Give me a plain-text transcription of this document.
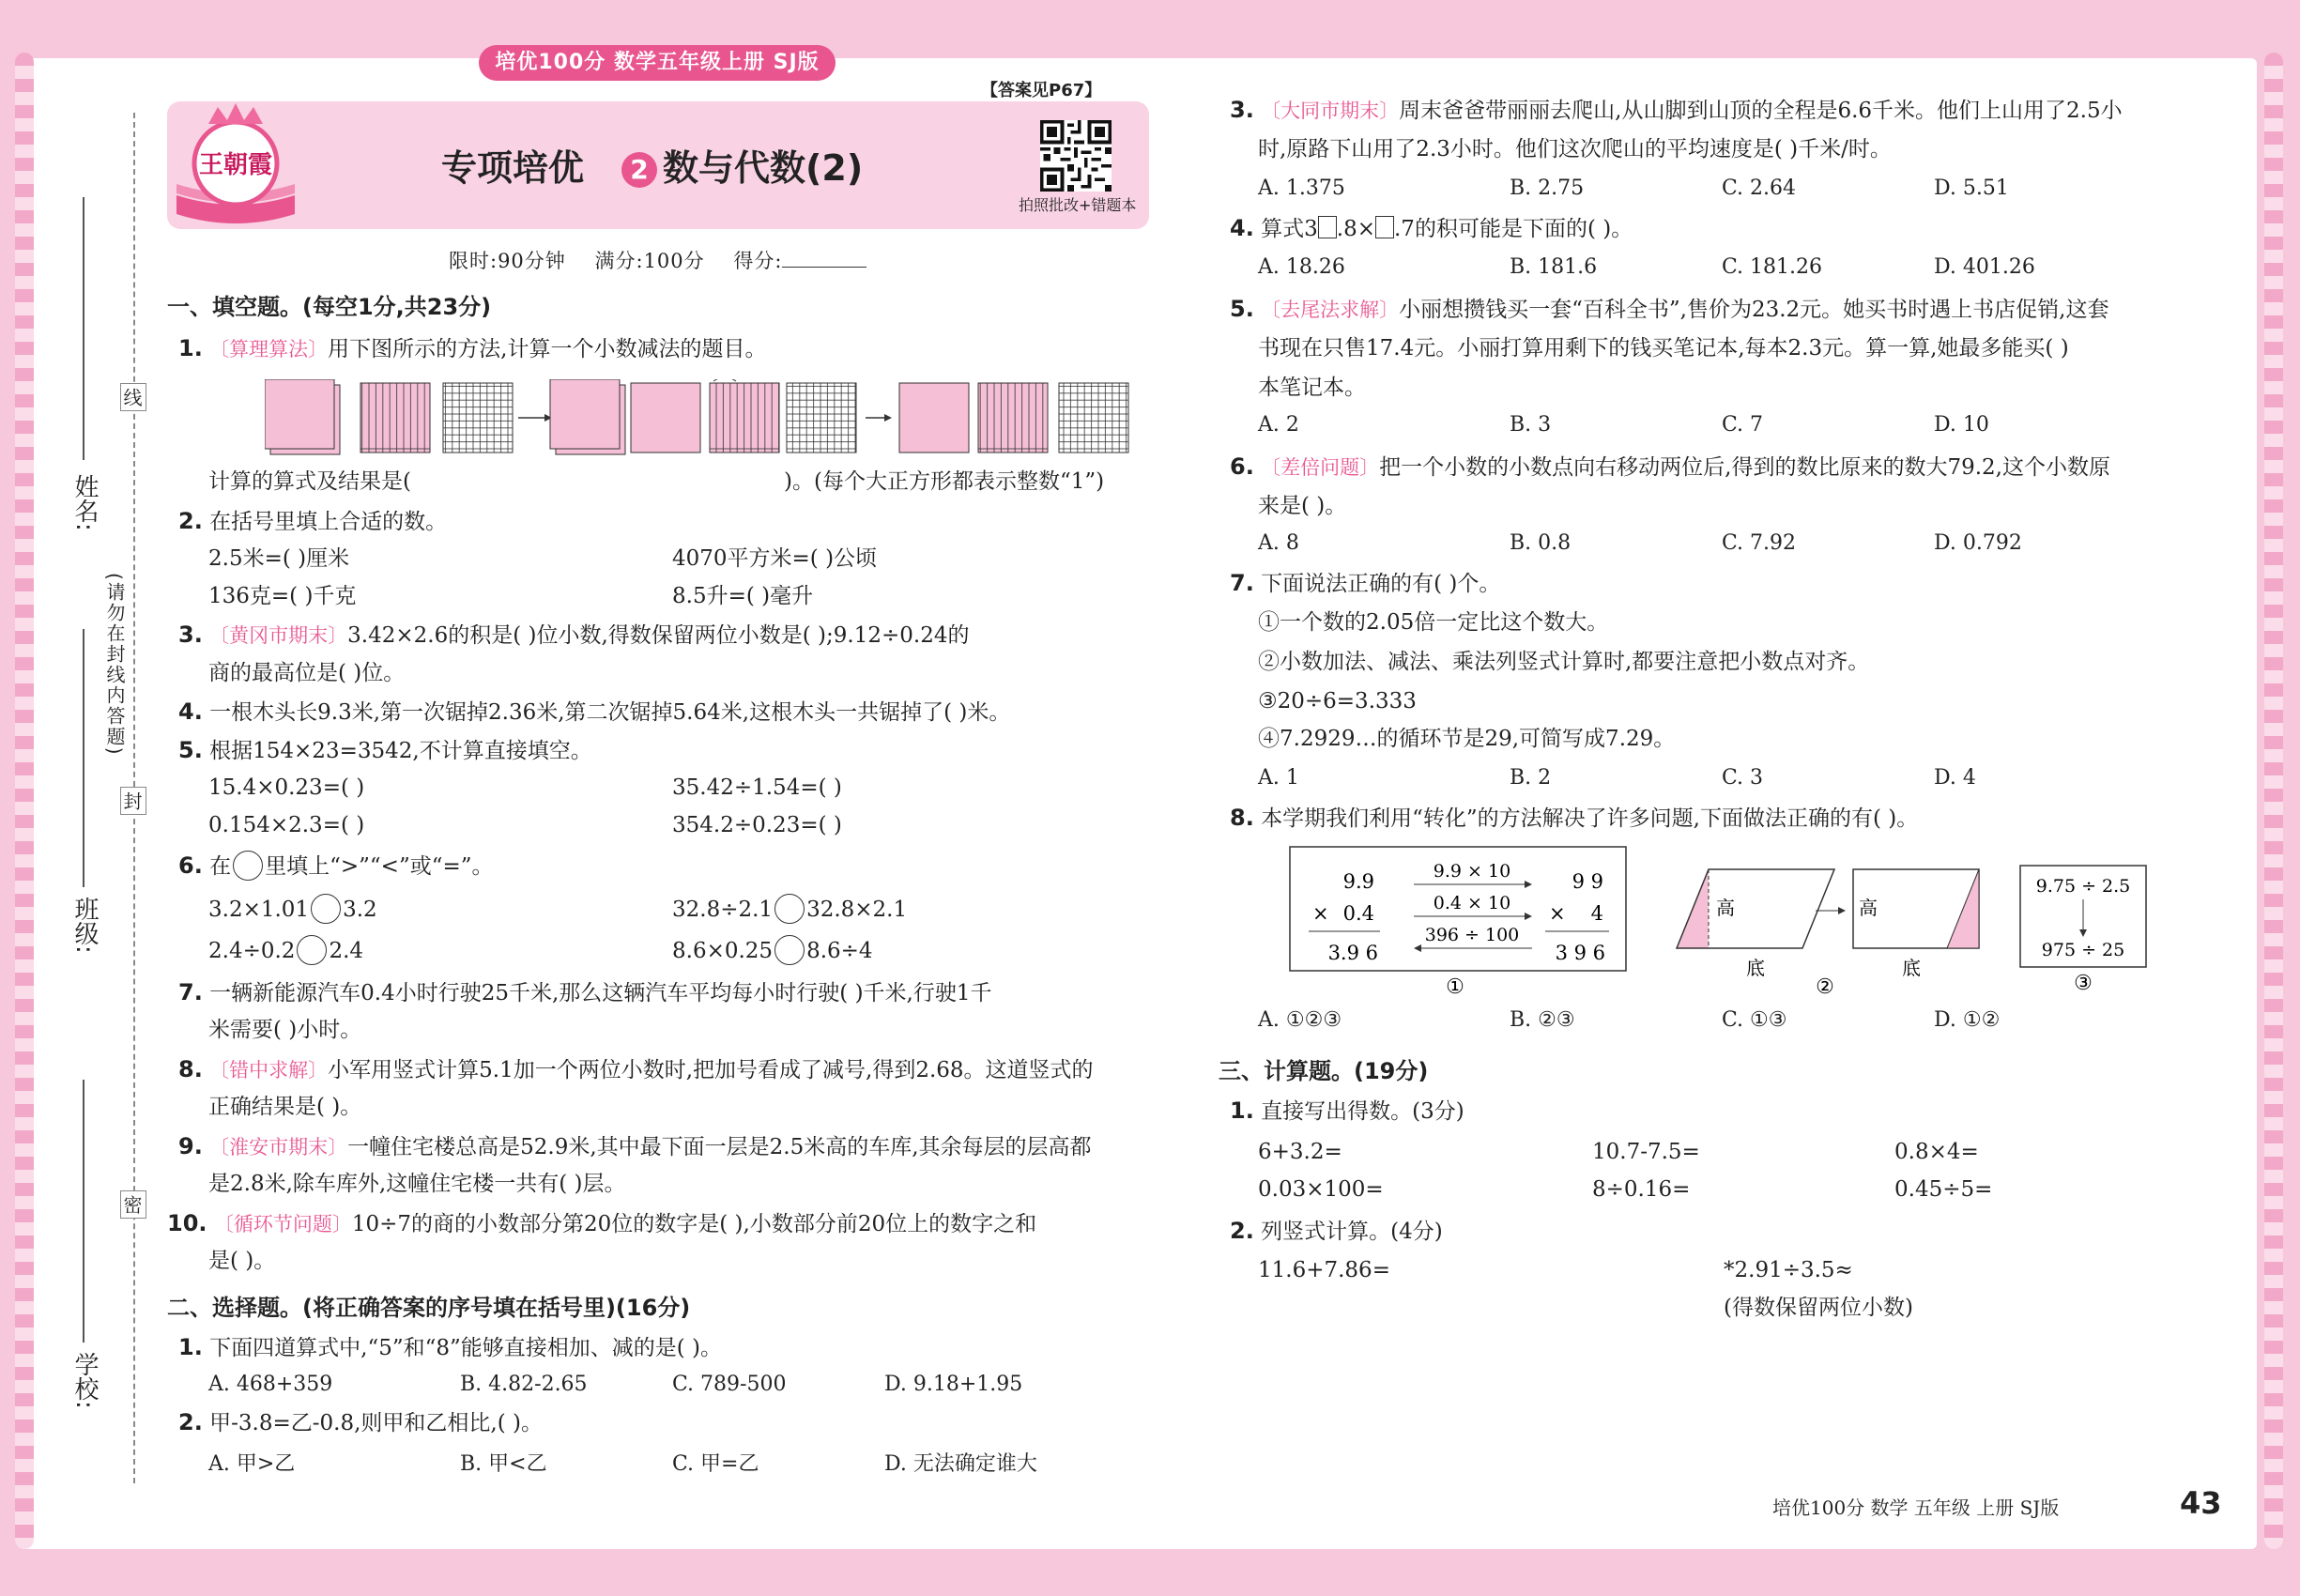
培优100分 数学五年级上册 SJ版
姓名:
班级:
学校:
线
封
密
(请勿在封线内答题)
王朝霞
【答案见P67】
专项培优 2 数与代数(2)
拍照批改+错题本
限时:90分钟 满分:100分 得分:
一、填空题。(每空1分,共23分)
1. 〔算理算法〕用下图所示的方法,计算一个小数减法的题目。
计算的算式及结果是(	)。(每个大正方形都表示整数“1”)
2. 在括号里填上合适的数。
2.5米=( )厘米	4070平方米=( )公顷
136克=( )千克	8.5升=( )毫升
3. 〔黄冈市期末〕3.42×2.6的积是( )位小数,得数保留两位小数是( );9.12÷0.24的
商的最高位是( )位。
4. 一根木头长9.3米,第一次锯掉2.36米,第二次锯掉5.64米,这根木头一共锯掉了( )米。
5. 根据154×23=3542,不计算直接填空。
15.4×0.23=( )	35.42÷1.54=( )
0.154×2.3=( )	354.2÷0.23=( )
6. 在 里填上“>”“<”或“=”。
3.2×1.01 3.2	32.8÷2.1 32.8×2.1
2.4÷0.2 2.4	8.6×0.25 8.6÷4
7. 一辆新能源汽车0.4小时行驶25千米,那么这辆汽车平均每小时行驶( )千米,行驶1千
米需要( )小时。
8. 〔错中求解〕小军用竖式计算5.1加一个两位小数时,把加号看成了减号,得到2.68。这道竖式的
正确结果是( )。
9. 〔淮安市期末〕一幢住宅楼总高是52.9米,其中最下面一层是2.5米高的车库,其余每层的层高都
是2.8米,除车库外,这幢住宅楼一共有( )层。
10. 〔循环节问题〕10÷7的商的小数部分第20位的数字是( ),小数部分前20位上的数字之和
是( )。
二、选择题。(将正确答案的序号填在括号里)(16分)
1. 下面四道算式中,“5”和“8”能够直接相加、减的是( )。
A. 468+359	B. 4.82-2.65	C. 789-500	D. 9.18+1.95
2. 甲-3.8=乙-0.8,则甲和乙相比,( )。
A. 甲>乙	B. 甲<乙	C. 甲=乙	D. 无法确定谁大
3. 〔大同市期末〕周末爸爸带丽丽去爬山,从山脚到山顶的全程是6.6千米。他们上山用了2.5小
时,原路下山用了2.3小时。他们这次爬山的平均速度是( )千米/时。
A. 1.375	B. 2.75	C. 2.64	D. 5.51
4. 算式3 .8× .7的积可能是下面的( )。
A. 18.26	B. 181.6	C. 181.26	D. 401.26
5. 〔去尾法求解〕小丽想攒钱买一套“百科全书”,售价为23.2元。她买书时遇上书店促销,这套
书现在只售17.4元。小丽打算用剩下的钱买笔记本,每本2.3元。算一算,她最多能买( )
本笔记本。
A. 2	B. 3	C. 7	D. 10
6. 〔差倍问题〕把一个小数的小数点向右移动两位后,得到的数比原来的数大79.2,这个小数原
来是( )。
A. 8	B. 0.8	C. 7.92	D. 0.792
7. 下面说法正确的有( )个。
①一个数的2.05倍一定比这个数大。
②小数加法、减法、乘法列竖式计算时,都要注意把小数点对齐。
③20÷6=3.333
④7.2929…的循环节是29,可简写成7.29。
A. 1	B. 2	C. 3	D. 4
8. 本学期我们利用“转化”的方法解决了许多问题,下面做法正确的有( )。
9.9
× 0.4
3.9 6
9.9 × 10
0.4 × 10
396 ÷ 100
9 9
× 4
3 9 6
①
高
底
高
底
②
9.75 ÷ 2.5
975 ÷ 25
③
A. ①②③	B. ②③	C. ①③	D. ①②
三、计算题。(19分)
1. 直接写出得数。(3分)
6+3.2=	10.7-7.5=	0.8×4=
0.03×100=	8÷0.16=	0.45÷5=
2. 列竖式计算。(4分)
11.6+7.86=	*2.91÷3.5≈
(得数保留两位小数)
培优100分 数学 五年级 上册 SJ版	43
